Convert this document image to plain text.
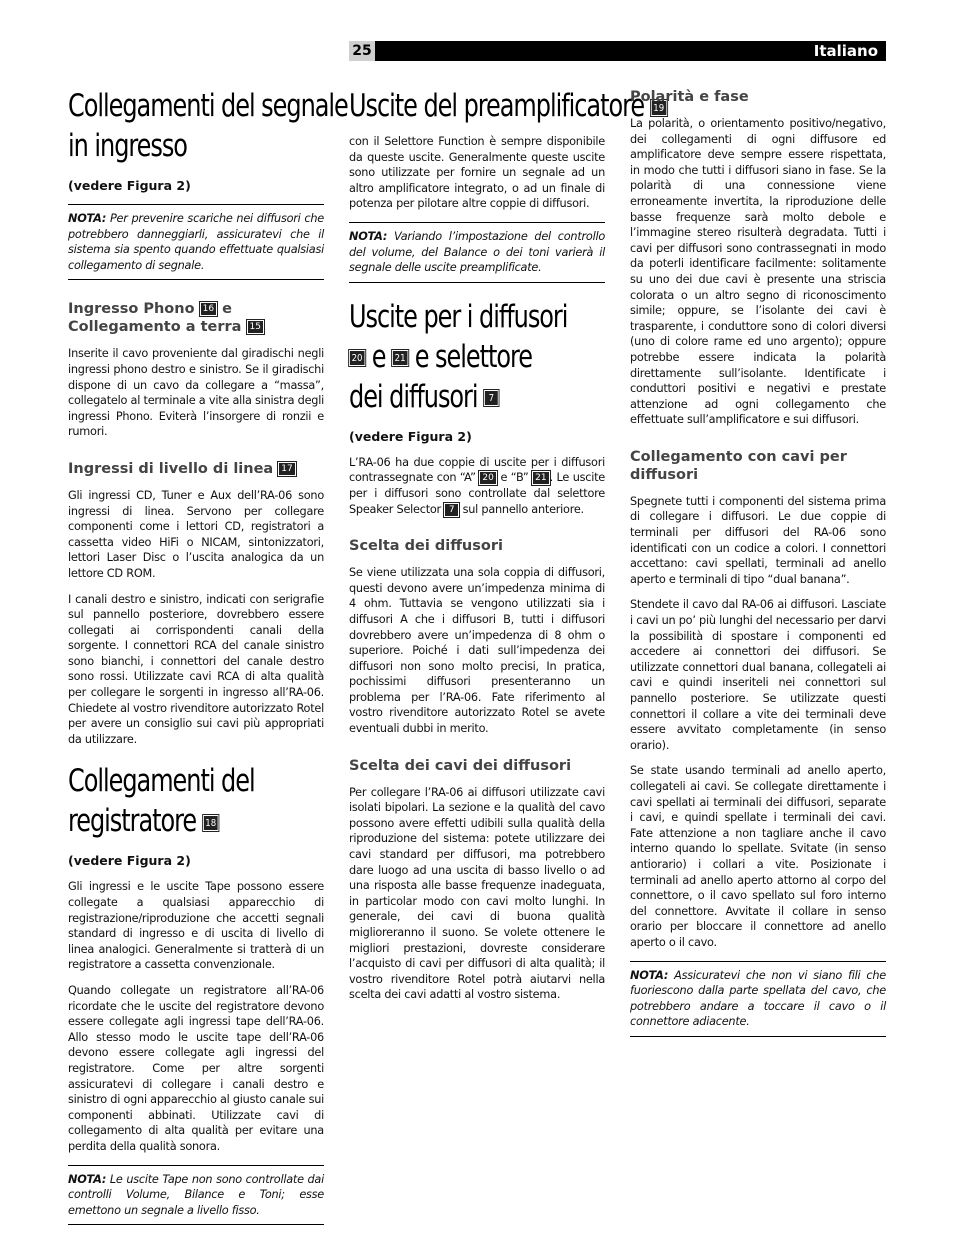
Italiano
25
Collegamenti del segnale
in ingresso
(vedere Figura 2)

NOTA: Per prevenire scariche nei diffusori che potrebbero danneggiarli, assicuratevi che il sistema sia spento quando effettuate qualsiasi collegamento di segnale.

Ingresso Phono 16 e
Collegamento a terra 15

Inserite il cavo proveniente dal giradischi negli ingressi phono destro e sinistro. Se il giradischi dispone di un cavo da collegare a “massa”, collegatelo al terminale a vite alla sinistra degli ingressi Phono. Eviterà l’insorgere di ronzii e rumori.

Ingressi di livello di linea 17

Gli ingressi CD, Tuner e Aux dell’RA-06 sono ingressi di linea. Servono per collegare componenti come i lettori CD, registratori a cassetta video HiFi o NICAM, sintonizzatori, lettori Laser Disc o l’uscita analogica da un lettore CD ROM.

I canali destro e sinistro, indicati con serigrafie sul pannello posteriore, dovrebbero essere collegati ai corrispondenti canali della sorgente. I connettori RCA del canale sinistro sono bianchi, i connettori del canale destro sono rossi. Utilizzate cavi RCA di alta qualità per collegare le sorgenti in ingresso all’RA-06. Chiedete al vostro rivenditore autorizzato Rotel per avere un consiglio sui cavi più appropriati da utilizzare.

Collegamenti del
registratore 18
(vedere Figura 2)

Gli ingressi e le uscite Tape possono essere collegate a qualsiasi apparecchio di registrazione/riproduzione che accetti segnali standard di ingresso e di uscita di livello di linea analogici. Generalmente si tratterà di un registratore a cassetta convenzionale.

Quando collegate un registratore all’RA-06 ricordate che le uscite del registratore devono essere collegate agli ingressi tape dell’RA-06. Allo stesso modo le uscite tape dell’RA-06 devono essere collegate agli ingressi del registratore. Come per altre sorgenti assicuratevi di collegare i canali destro e sinistro di ogni apparecchio al giusto canale sui componenti abbinati. Utilizzate cavi di collegamento di alta qualità per evitare una perdita della qualità sonora.

NOTA: Le uscite Tape non sono controllate dai controlli Volume, Bilance e Toni; esse emettono un segnale a livello fisso.

Uscite del preamplificatore 19

con il Selettore Function è sempre disponibile da queste uscite. Generalmente queste uscite sono utilizzate per fornire un segnale ad un altro amplificatore integrato, o ad un finale di potenza per pilotare altre coppie di diffusori.

NOTA: Variando l’impostazione del controllo del volume, del Balance o dei toni varierà il segnale delle uscite preamplificate.

Uscite per i diffusori
20 e 21 e selettore
dei diffusori 7
(vedere Figura 2)

L’RA-06 ha due coppie di uscite per i diffusori contrassegnate con “A” 20 e “B” 21 . Le uscite per i diffusori sono controllate dal selettore Speaker Selector 7 sul pannello anteriore.

Scelta dei diffusori

Se viene utilizzata una sola coppia di diffusori, questi devono avere un’impedenza minima di 4 ohm. Tuttavia se vengono utilizzati sia i diffusori A che i diffusori B, tutti i diffusori dovrebbero avere un’impedenza di 8 ohm o superiore. Poiché i dati sull’impedenza dei diffusori non sono molto precisi, In pratica, pochissimi diffusori presenteranno un problema per l’RA-06. Fate riferimento al vostro rivenditore autorizzato Rotel se avete eventuali dubbi in merito.

Scelta dei cavi dei diffusori

Per collegare l’RA-06 ai diffusori utilizzate cavi isolati bipolari. La sezione e la qualità del cavo possono avere effetti udibili sulla qualità della riproduzione del sistema: potete utilizzare dei cavi standard per diffusori, ma potrebbero dare luogo ad una uscita di basso livello o ad una risposta alle basse frequenze inadeguata, in particolar modo con cavi molto lunghi. In generale, dei cavi di buona qualità miglioreranno il suono. Se volete ottenere le migliori prestazioni, dovreste considerare l’acquisto di cavi per diffusori di alta qualità; il vostro rivenditore Rotel potrà aiutarvi nella scelta dei cavi adatti al vostro sistema.

Polarità e fase

La polarità, o orientamento positivo/negativo, dei collegamenti di ogni diffusore ed amplificatore deve sempre essere rispettata, in modo che tutti i diffusori siano in fase. Se la polarità di una connessione viene erroneamente invertita, la riproduzione delle basse frequenze sarà molto debole e l’immagine stereo risulterà degradata. Tutti i cavi per diffusori sono contrassegnati in modo da poterli identificare facilmente: solitamente su uno dei due cavi è presente una striscia colorata o un altro segno di riconoscimento simile; oppure, se l’isolante dei cavi è trasparente, i conduttore sono di colori diversi (uno di colore rame ed uno argento); oppure potrebbe essere indicata la polarità direttamente sull’isolante. Identificate i conduttori positivi e negativi e prestate attenzione ad ogni collegamento che effettuate sull’amplificatore e sui diffusori.

Collegamento con cavi per diffusori

Spegnete tutti i componenti del sistema prima di collegare i diffusori. Le due coppie di terminali per diffusori del RA-06 sono identificati con un codice a colori. I connettori accettano: cavi spellati, terminali ad anello aperto e terminali di tipo “dual banana”.

Stendete il cavo dal RA-06 ai diffusori. Lasciate i cavi un po’ più lunghi del necessario per darvi la possibilità di spostare i componenti ed accedere ai connettori dei diffusori. Se utilizzate connettori dual banana, collegateli ai cavi e quindi inseriteli nei connettori sul pannello posteriore. Se utilizzate questi connettori il collare a vite dei terminali deve essere avvitato completamente (in senso orario).

Se state usando terminali ad anello aperto, collegateli ai cavi. Se collegate direttamente i cavi spellati ai terminali dei diffusori, separate i cavi, e quindi spellate i terminali dei cavi. Fate attenzione a non tagliare anche il cavo interno quando lo spellate. Svitate (in senso antiorario) i collari a vite. Posizionate i terminali ad anello aperto attorno al corpo del connettore, o il cavo spellato sul foro interno del connettore. Avvitate il collare in senso orario per bloccare il connettore ad anello aperto o il cavo.

NOTA: Assicuratevi che non vi siano fili che fuoriescono dalla parte spellata del cavo, che potrebbero andare a toccare il cavo o il connettore adiacente.
